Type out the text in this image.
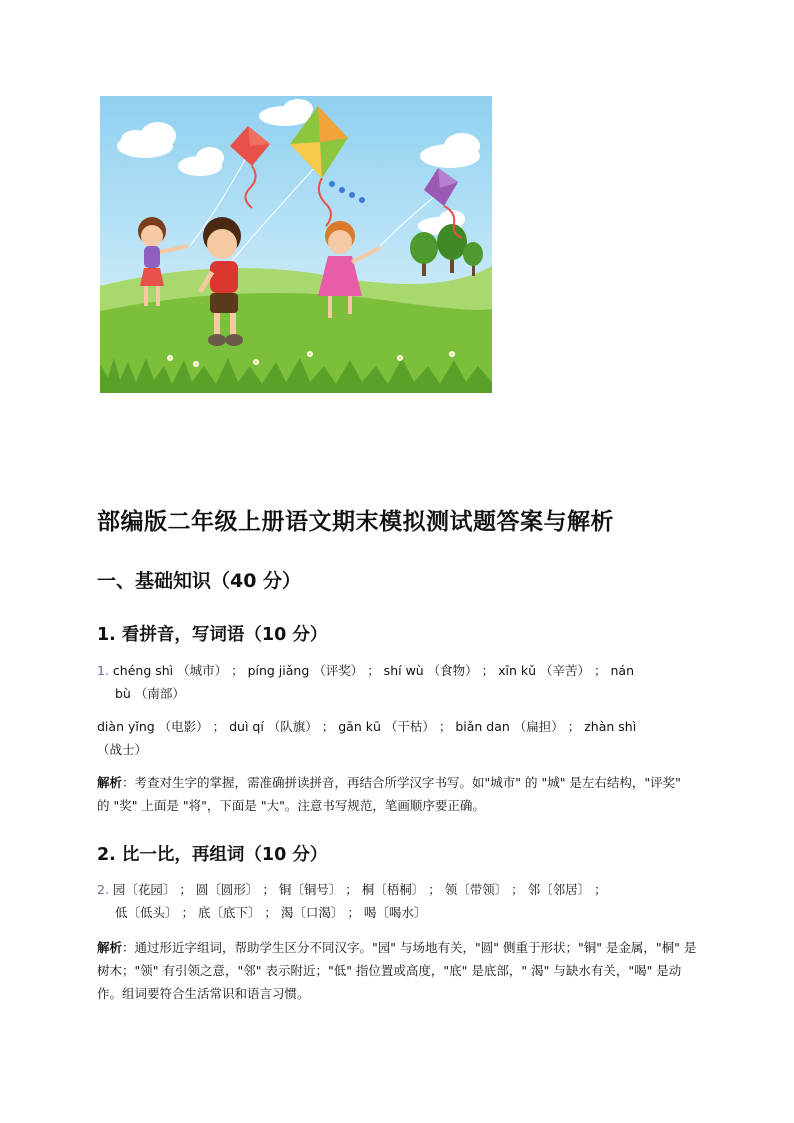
部编版二年级上册语文期末模拟测试题答案与解析
一、基础知识（40 分）
1. 看拼音，写词语（10 分）
1. chéng shì （城市） ； píng jiǎng （评奖） ； shí wù （食物） ； xīn kǔ （辛苦） ； nán
bù （南部）
diàn yǐng （电影） ； duì qí （队旗） ； gān kū （干枯） ； biǎn dan （扁担） ； zhàn shì
（战士）
解析：考查对生字的掌握，需准确拼读拼音，再结合所学汉字书写。如"城市" 的 "城" 是左右结构，"评奖" 的 "奖" 上面是 "将"，下面是 "大"。注意书写规范，笔画顺序要正确。
2. 比一比，再组词（10 分）
2. 园〔花园〕 ； 圆〔圆形〕 ； 铜〔铜号〕 ； 桐〔梧桐〕 ； 领〔带领〕 ； 邻〔邻居〕 ；
低〔低头〕 ； 底〔底下〕 ； 渴〔口渴〕 ； 喝〔喝水〕
解析：通过形近字组词，帮助学生区分不同汉字。"园" 与场地有关，"圆" 侧重于形状；"铜" 是金属，"桐" 是树木；"领" 有引领之意，"邻" 表示附近；"低" 指位置或高度，"底" 是底部，" 渴" 与缺水有关，"喝" 是动作。组词要符合生活常识和语言习惯。
